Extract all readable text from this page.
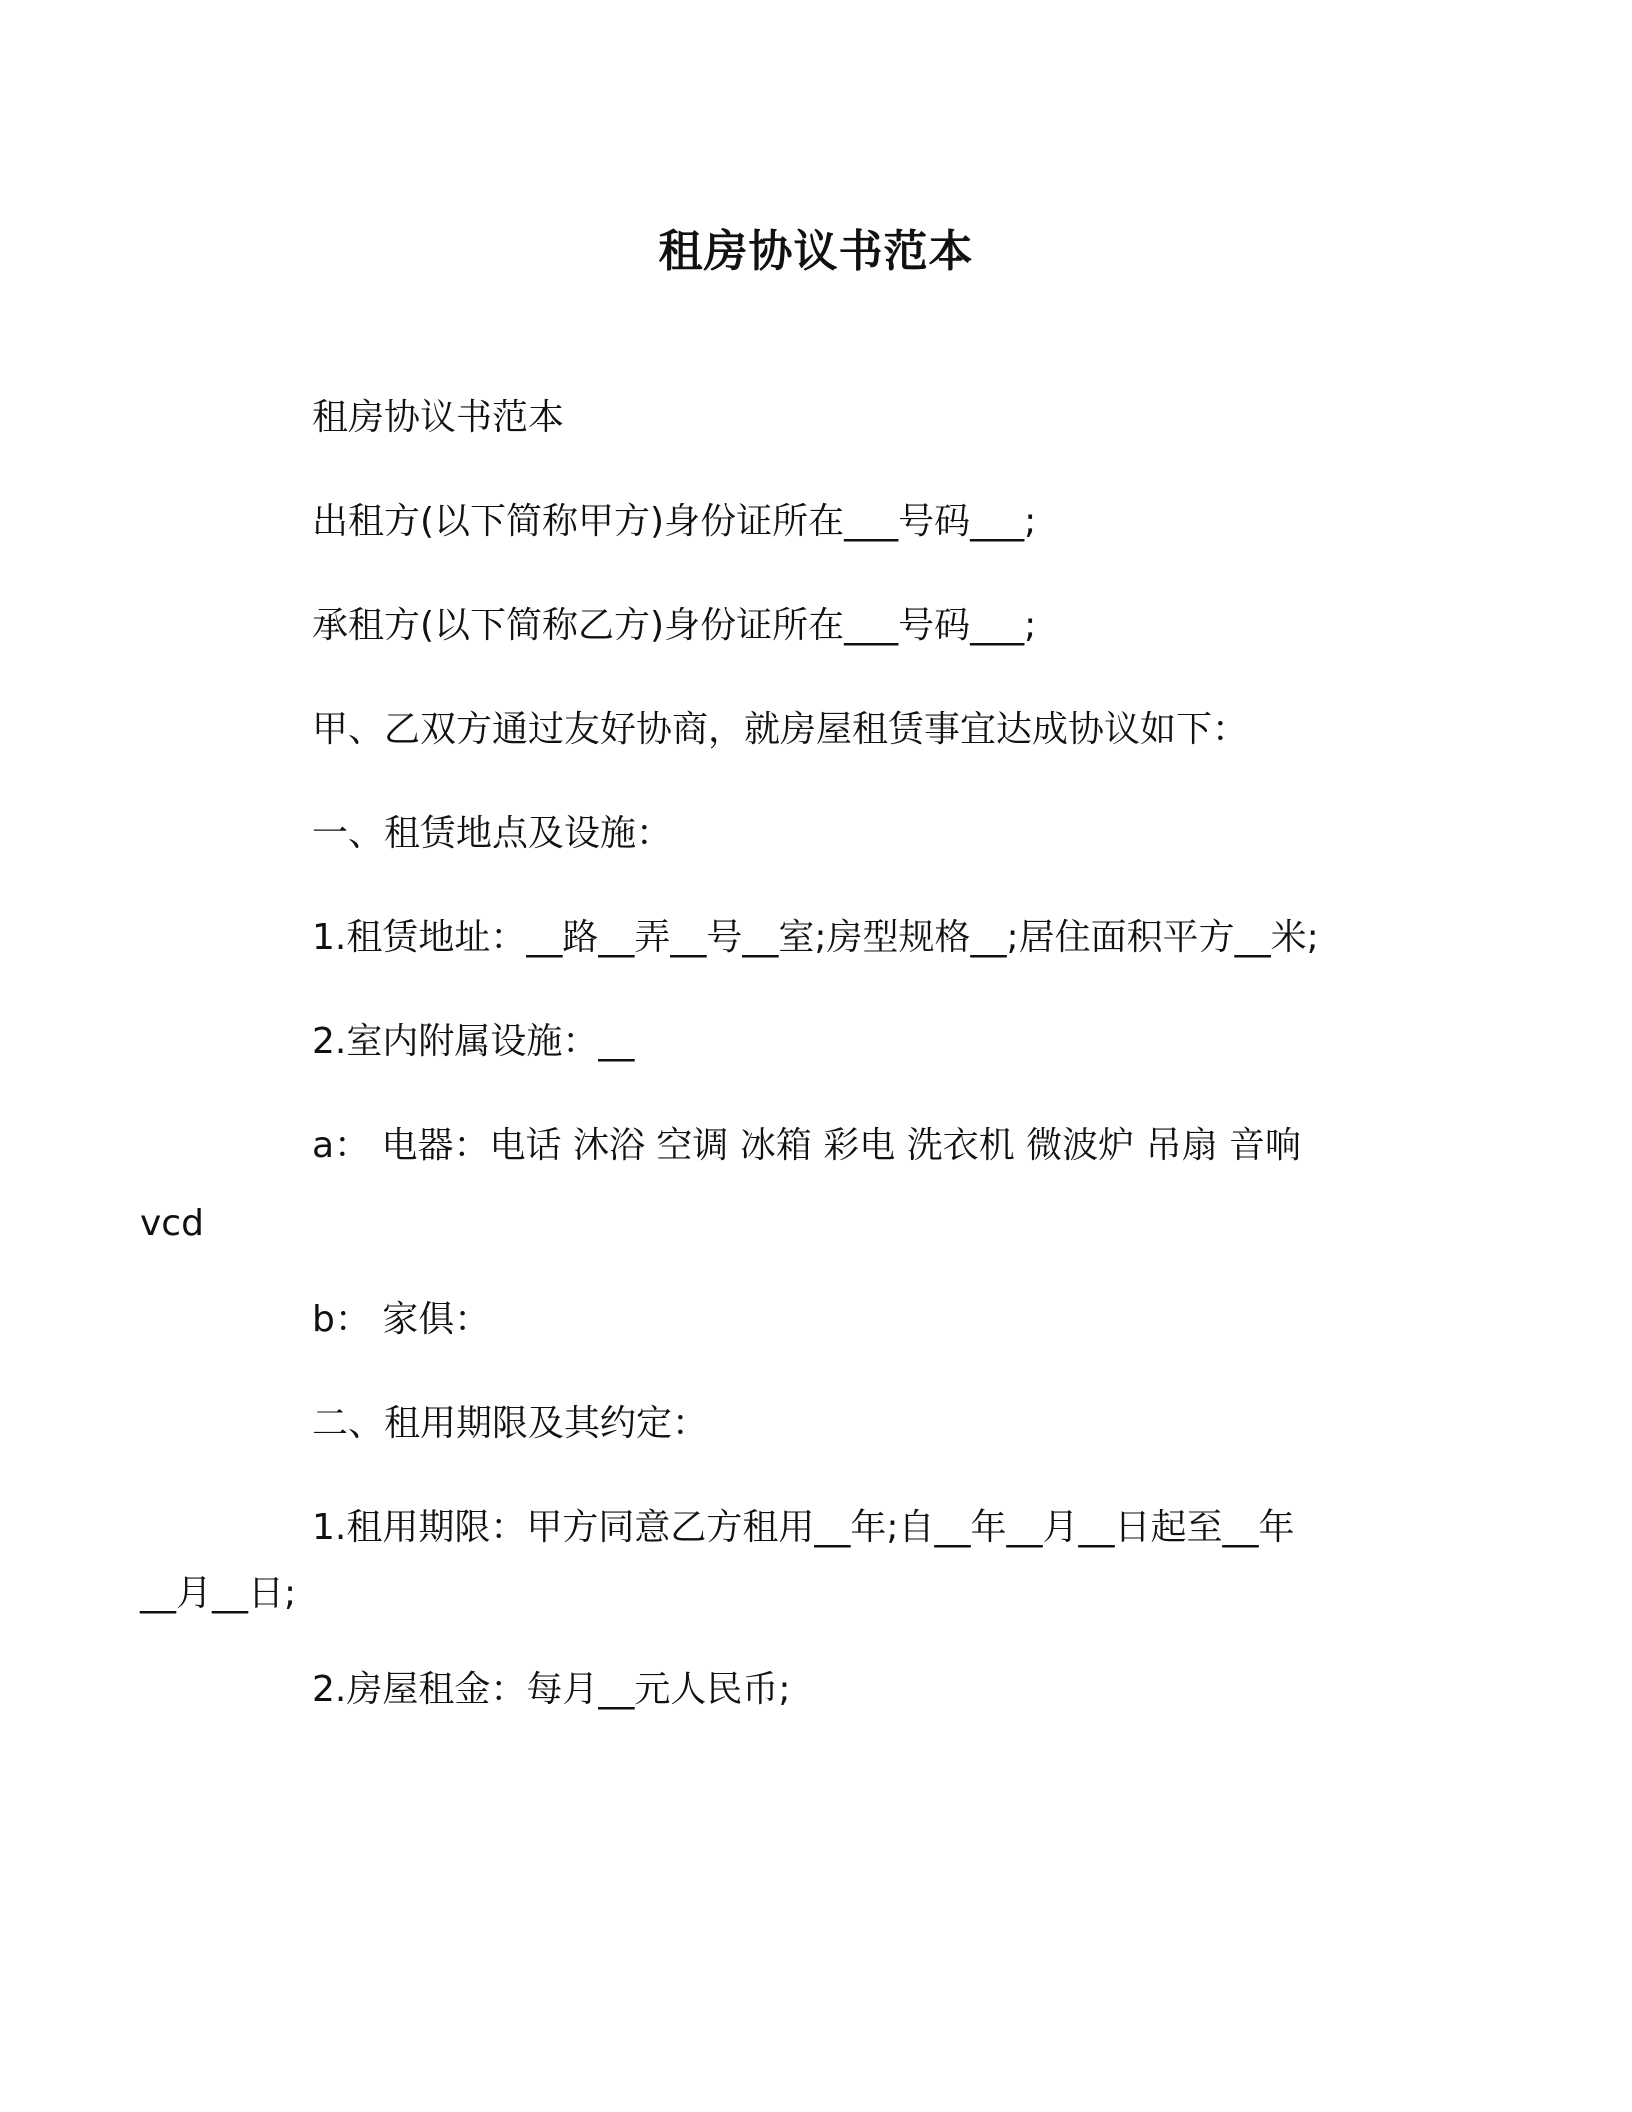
租房协议书范本

租房协议书范本

出租方(以下简称甲方)身份证所在___号码___;

承租方(以下简称乙方)身份证所在___号码___;

甲、乙双方通过友好协商，就房屋租赁事宜达成协议如下：

一、租赁地点及设施：

1.租赁地址：__路__弄__号__室;房型规格__;居住面积平方__米;

2.室内附属设施：__

a： 电器：电话 沐浴 空调 冰箱 彩电 洗衣机 微波炉 吊扇 音响
vcd

b： 家俱：

二、租用期限及其约定：

1.租用期限：甲方同意乙方租用__年;自__年__月__日起至__年
__月__日;

2.房屋租金：每月__元人民币;
